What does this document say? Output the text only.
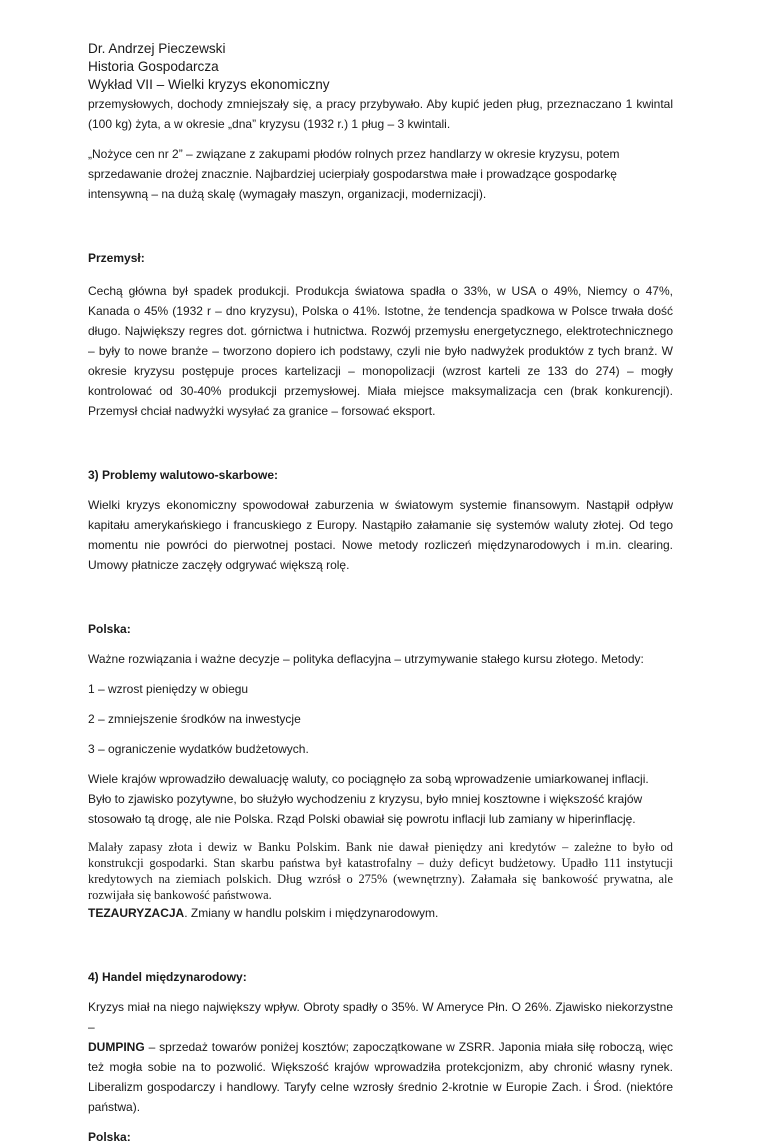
Dr. Andrzej Pieczewski

Historia Gospodarcza

Wykład VII – Wielki kryzys ekonomiczny

przemysłowych, dochody zmniejszały się, a pracy przybywało. Aby kupić jeden pług, przeznaczano 1 kwintal (100 kg) żyta, a w okresie „dna” kryzysu (1932 r.) 1 pług – 3 kwintali.

„Nożyce cen nr 2” – związane z zakupami płodów rolnych przez handlarzy w okresie kryzysu, potem sprzedawanie drożej znacznie. Najbardziej ucierpiały gospodarstwa małe i prowadzące gospodarkę intensywną – na dużą skalę (wymagały maszyn, organizacji, modernizacji).

Przemysł:

Cechą główna był spadek produkcji. Produkcja światowa spadła o 33%, w USA o 49%, Niemcy o 47%, Kanada o 45% (1932 r – dno kryzysu), Polska o 41%. Istotne, że tendencja spadkowa w Polsce trwała dość długo. Największy regres dot. górnictwa i hutnictwa. Rozwój przemysłu energetycznego, elektrotechnicznego – były to nowe branże – tworzono dopiero ich podstawy, czyli nie było nadwyżek produktów z tych branż. W okresie kryzysu postępuje proces kartelizacji – monopolizacji (wzrost karteli ze 133 do 274) – mogły kontrolować od 30-40% produkcji przemysłowej. Miała miejsce maksymalizacja cen (brak konkurencji). Przemysł chciał nadwyżki wysyłać za granice – forsować eksport.

3) Problemy walutowo-skarbowe:

Wielki kryzys ekonomiczny spowodował zaburzenia w światowym systemie finansowym. Nastąpił odpływ kapitału amerykańskiego i francuskiego z Europy. Nastąpiło załamanie się systemów waluty złotej. Od tego momentu nie powróci do pierwotnej postaci. Nowe metody rozliczeń międzynarodowych i m.in. clearing. Umowy płatnicze zaczęły odgrywać większą rolę.

Polska:

Ważne rozwiązania i ważne decyzje – polityka deflacyjna – utrzymywanie stałego kursu złotego. Metody:

1 – wzrost pieniędzy w obiegu

2 – zmniejszenie środków na inwestycje

3 – ograniczenie wydatków budżetowych.

Wiele krajów wprowadziło dewaluację waluty, co pociągnęło za sobą wprowadzenie umiarkowanej inflacji. Było to zjawisko pozytywne, bo służyło wychodzeniu z kryzysu, było mniej kosztowne i większość krajów stosowało tą drogę, ale nie Polska. Rząd Polski obawiał się powrotu inflacji lub zamiany w hiperinflację.

Malały zapasy złota i dewiz w Banku Polskim. Bank nie dawał pieniędzy ani kredytów – zależne to było od konstrukcji gospodarki. Stan skarbu państwa był katastrofalny – duży deficyt budżetowy. Upadło 111 instytucji kredytowych na ziemiach polskich. Dług wzrósł o 275% (wewnętrzny). Załamała się bankowość prywatna, ale rozwijała się bankowość państwowa.

TEZAURYZACJA. Zmiany w handlu polskim i międzynarodowym.

4) Handel międzynarodowy:

Kryzys miał na niego największy wpływ. Obroty spadły o 35%. W Ameryce Płn. O 26%. Zjawisko niekorzystne –
DUMPING – sprzedaż towarów poniżej kosztów; zapoczątkowane w ZSRR. Japonia miała siłę roboczą, więc też mogła sobie na to pozwolić. Większość krajów wprowadziła protekcjonizm, aby chronić własny rynek. Liberalizm gospodarczy i handlowy. Taryfy celne wzrosły średnio 2-krotnie w Europie Zach. i Środ. (niektóre państwa).

Polska:
